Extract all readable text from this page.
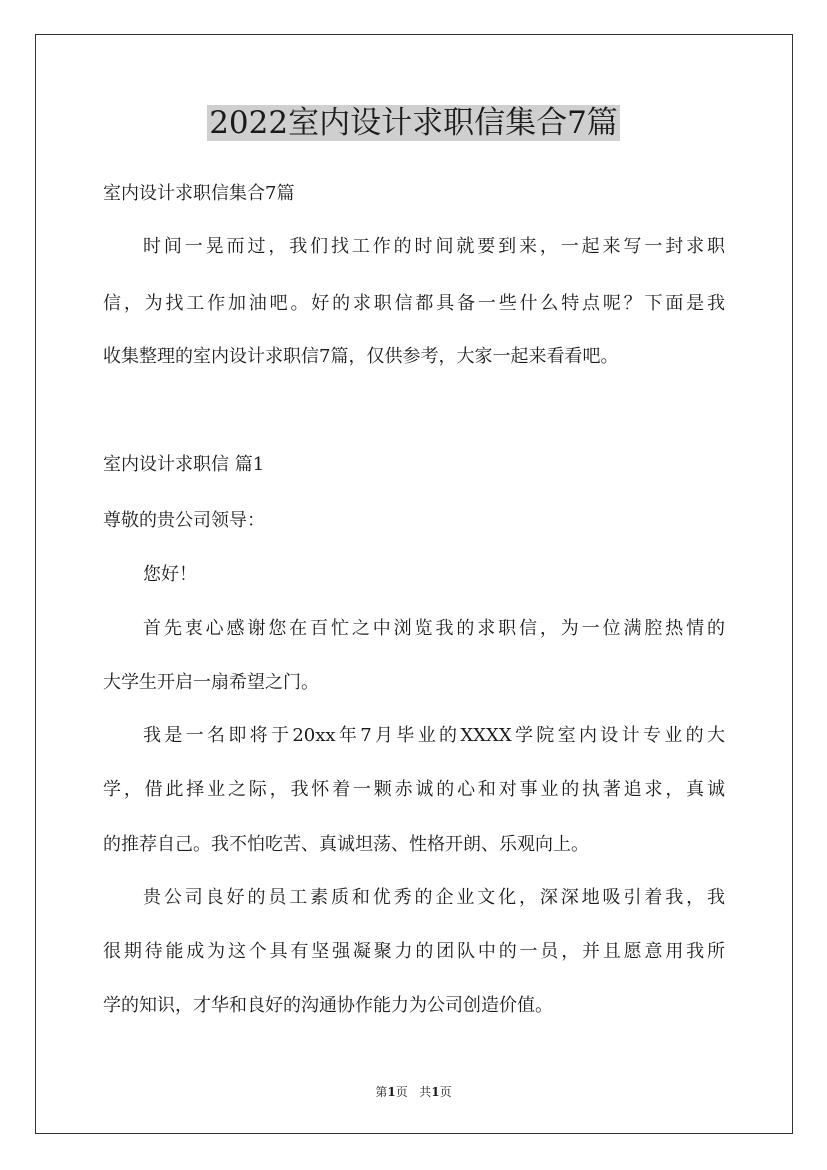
2022室内设计求职信集合7篇
室内设计求职信集合7篇
时间一晃而过，我们找工作的时间就要到来，一起来写一封求职
信，为找工作加油吧。好的求职信都具备一些什么特点呢？下面是我
收集整理的室内设计求职信7篇，仅供参考，大家一起来看看吧。
室内设计求职信 篇1
尊敬的贵公司领导：
您好！
首先衷心感谢您在百忙之中浏览我的求职信，为一位满腔热情的
大学生开启一扇希望之门。
我是一名即将于20xx年7月毕业的XXXX学院室内设计专业的大
学，借此择业之际，我怀着一颗赤诚的心和对事业的执著追求，真诚
的推荐自己。我不怕吃苦、真诚坦荡、性格开朗、乐观向上。
贵公司良好的员工素质和优秀的企业文化，深深地吸引着我，我
很期待能成为这个具有坚强凝聚力的团队中的一员，并且愿意用我所
学的知识，才华和良好的沟通协作能力为公司创造价值。
第1页 共1页
